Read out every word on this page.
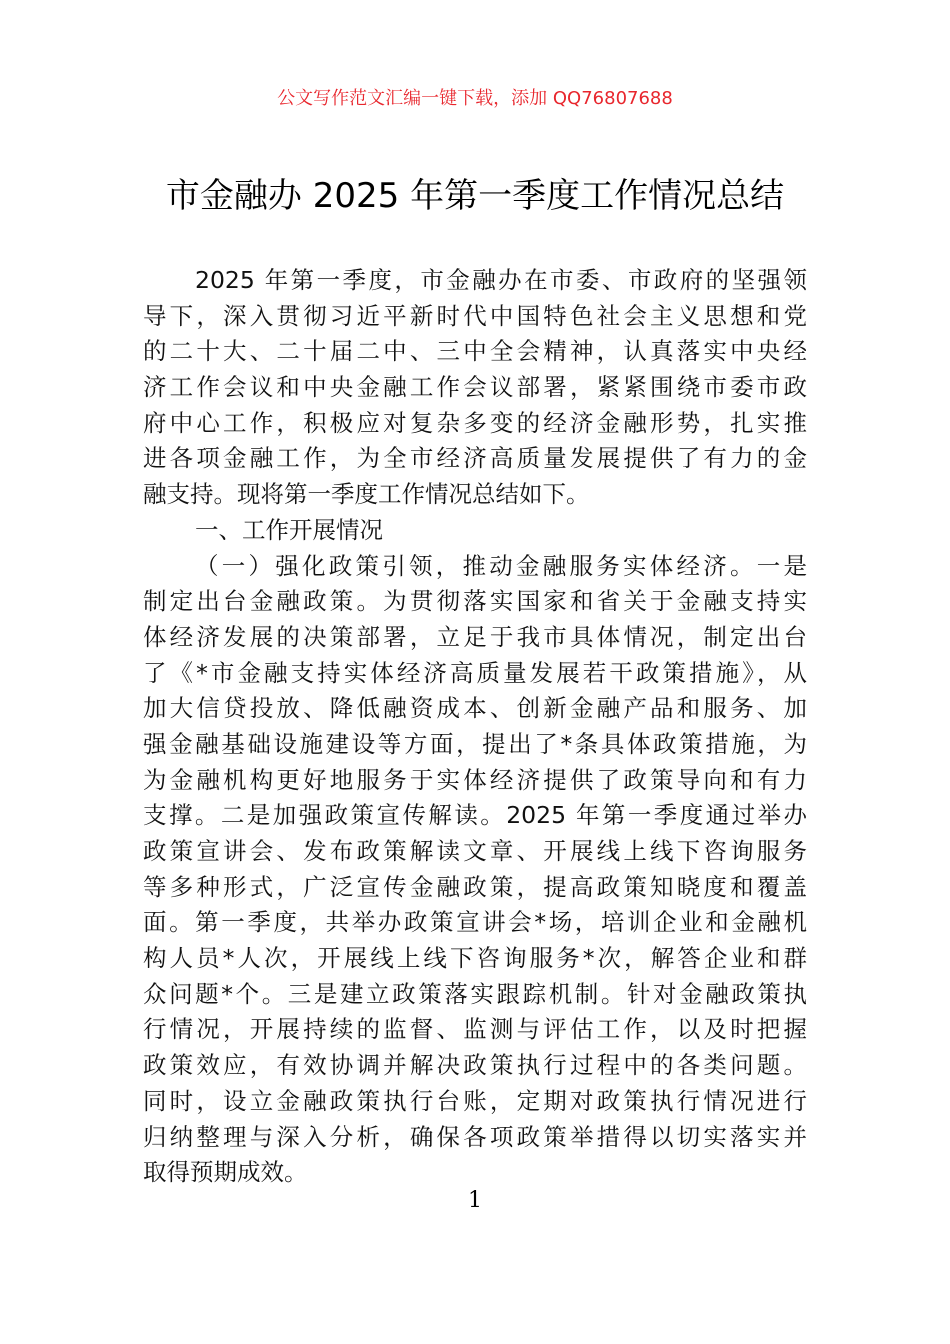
公文写作范文汇编一键下载，添加 QQ76807688
市金融办 2025 年第一季度工作情况总结
2025 年第一季度，市金融办在市委、市政府的坚强领
导下，深入贯彻习近平新时代中国特色社会主义思想和党
的二十大、二十届二中、三中全会精神，认真落实中央经
济工作会议和中央金融工作会议部署，紧紧围绕市委市政
府中心工作，积极应对复杂多变的经济金融形势，扎实推
进各项金融工作，为全市经济高质量发展提供了有力的金
融支持。现将第一季度工作情况总结如下。
一、工作开展情况
（一）强化政策引领，推动金融服务实体经济。一是
制定出台金融政策。为贯彻落实国家和省关于金融支持实
体经济发展的决策部署，立足于我市具体情况，制定出台
了《*市金融支持实体经济高质量发展若干政策措施》，从
加大信贷投放、降低融资成本、创新金融产品和服务、加
强金融基础设施建设等方面，提出了*条具体政策措施，为
为金融机构更好地服务于实体经济提供了政策导向和有力
支撑。二是加强政策宣传解读。2025 年第一季度通过举办
政策宣讲会、发布政策解读文章、开展线上线下咨询服务
等多种形式，广泛宣传金融政策，提高政策知晓度和覆盖
面。第一季度，共举办政策宣讲会*场，培训企业和金融机
构人员*人次，开展线上线下咨询服务*次，解答企业和群
众问题*个。三是建立政策落实跟踪机制。针对金融政策执
行情况，开展持续的监督、监测与评估工作，以及时把握
政策效应，有效协调并解决政策执行过程中的各类问题。
同时，设立金融政策执行台账，定期对政策执行情况进行
归纳整理与深入分析，确保各项政策举措得以切实落实并
取得预期成效。
1
